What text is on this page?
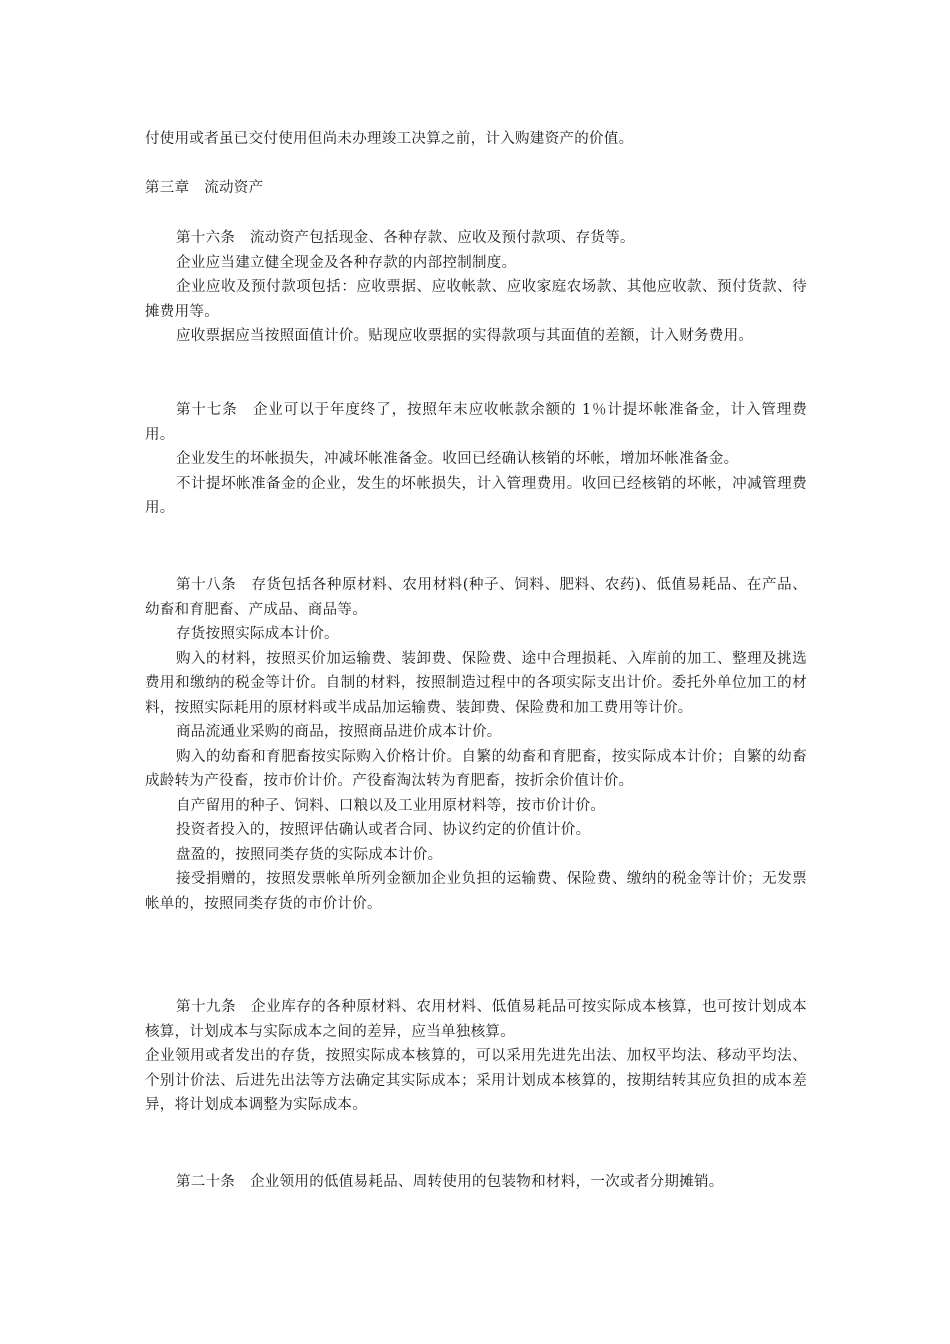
付使用或者虽已交付使用但尚未办理竣工决算之前，计入购建资产的价值。

第三章　流动资产

第十六条　流动资产包括现金、各种存款、应收及预付款项、存货等。

企业应当建立健全现金及各种存款的内部控制制度。

企业应收及预付款项包括：应收票据、应收帐款、应收家庭农场款、其他应收款、预付货款、待摊费用等。

应收票据应当按照面值计价。贴现应收票据的实得款项与其面值的差额，计入财务费用。

第十七条　企业可以于年度终了，按照年末应收帐款余额的 1％计提坏帐准备金，计入管理费用。

企业发生的坏帐损失，冲减坏帐准备金。收回已经确认核销的坏帐，增加坏帐准备金。

不计提坏帐准备金的企业，发生的坏帐损失，计入管理费用。收回已经核销的坏帐，冲减管理费用。

第十八条　存货包括各种原材料、农用材料(种子、饲料、肥料、农药)、低值易耗品、在产品、幼畜和育肥畜、产成品、商品等。

存货按照实际成本计价。

购入的材料，按照买价加运输费、装卸费、保险费、途中合理损耗、入库前的加工、整理及挑选费用和缴纳的税金等计价。自制的材料，按照制造过程中的各项实际支出计价。委托外单位加工的材料，按照实际耗用的原材料或半成品加运输费、装卸费、保险费和加工费用等计价。

商品流通业采购的商品，按照商品进价成本计价。

购入的幼畜和育肥畜按实际购入价格计价。自繁的幼畜和育肥畜，按实际成本计价；自繁的幼畜成龄转为产役畜，按市价计价。产役畜淘汰转为育肥畜，按折余价值计价。

自产留用的种子、饲料、口粮以及工业用原材料等，按市价计价。

投资者投入的，按照评估确认或者合同、协议约定的价值计价。

盘盈的，按照同类存货的实际成本计价。

接受捐赠的，按照发票帐单所列金额加企业负担的运输费、保险费、缴纳的税金等计价；无发票帐单的，按照同类存货的市价计价。

第十九条　企业库存的各种原材料、农用材料、低值易耗品可按实际成本核算，也可按计划成本核算，计划成本与实际成本之间的差异，应当单独核算。

企业领用或者发出的存货，按照实际成本核算的，可以采用先进先出法、加权平均法、移动平均法、个别计价法、后进先出法等方法确定其实际成本；采用计划成本核算的，按期结转其应负担的成本差异，将计划成本调整为实际成本。

第二十条　企业领用的低值易耗品、周转使用的包装物和材料，一次或者分期摊销。
